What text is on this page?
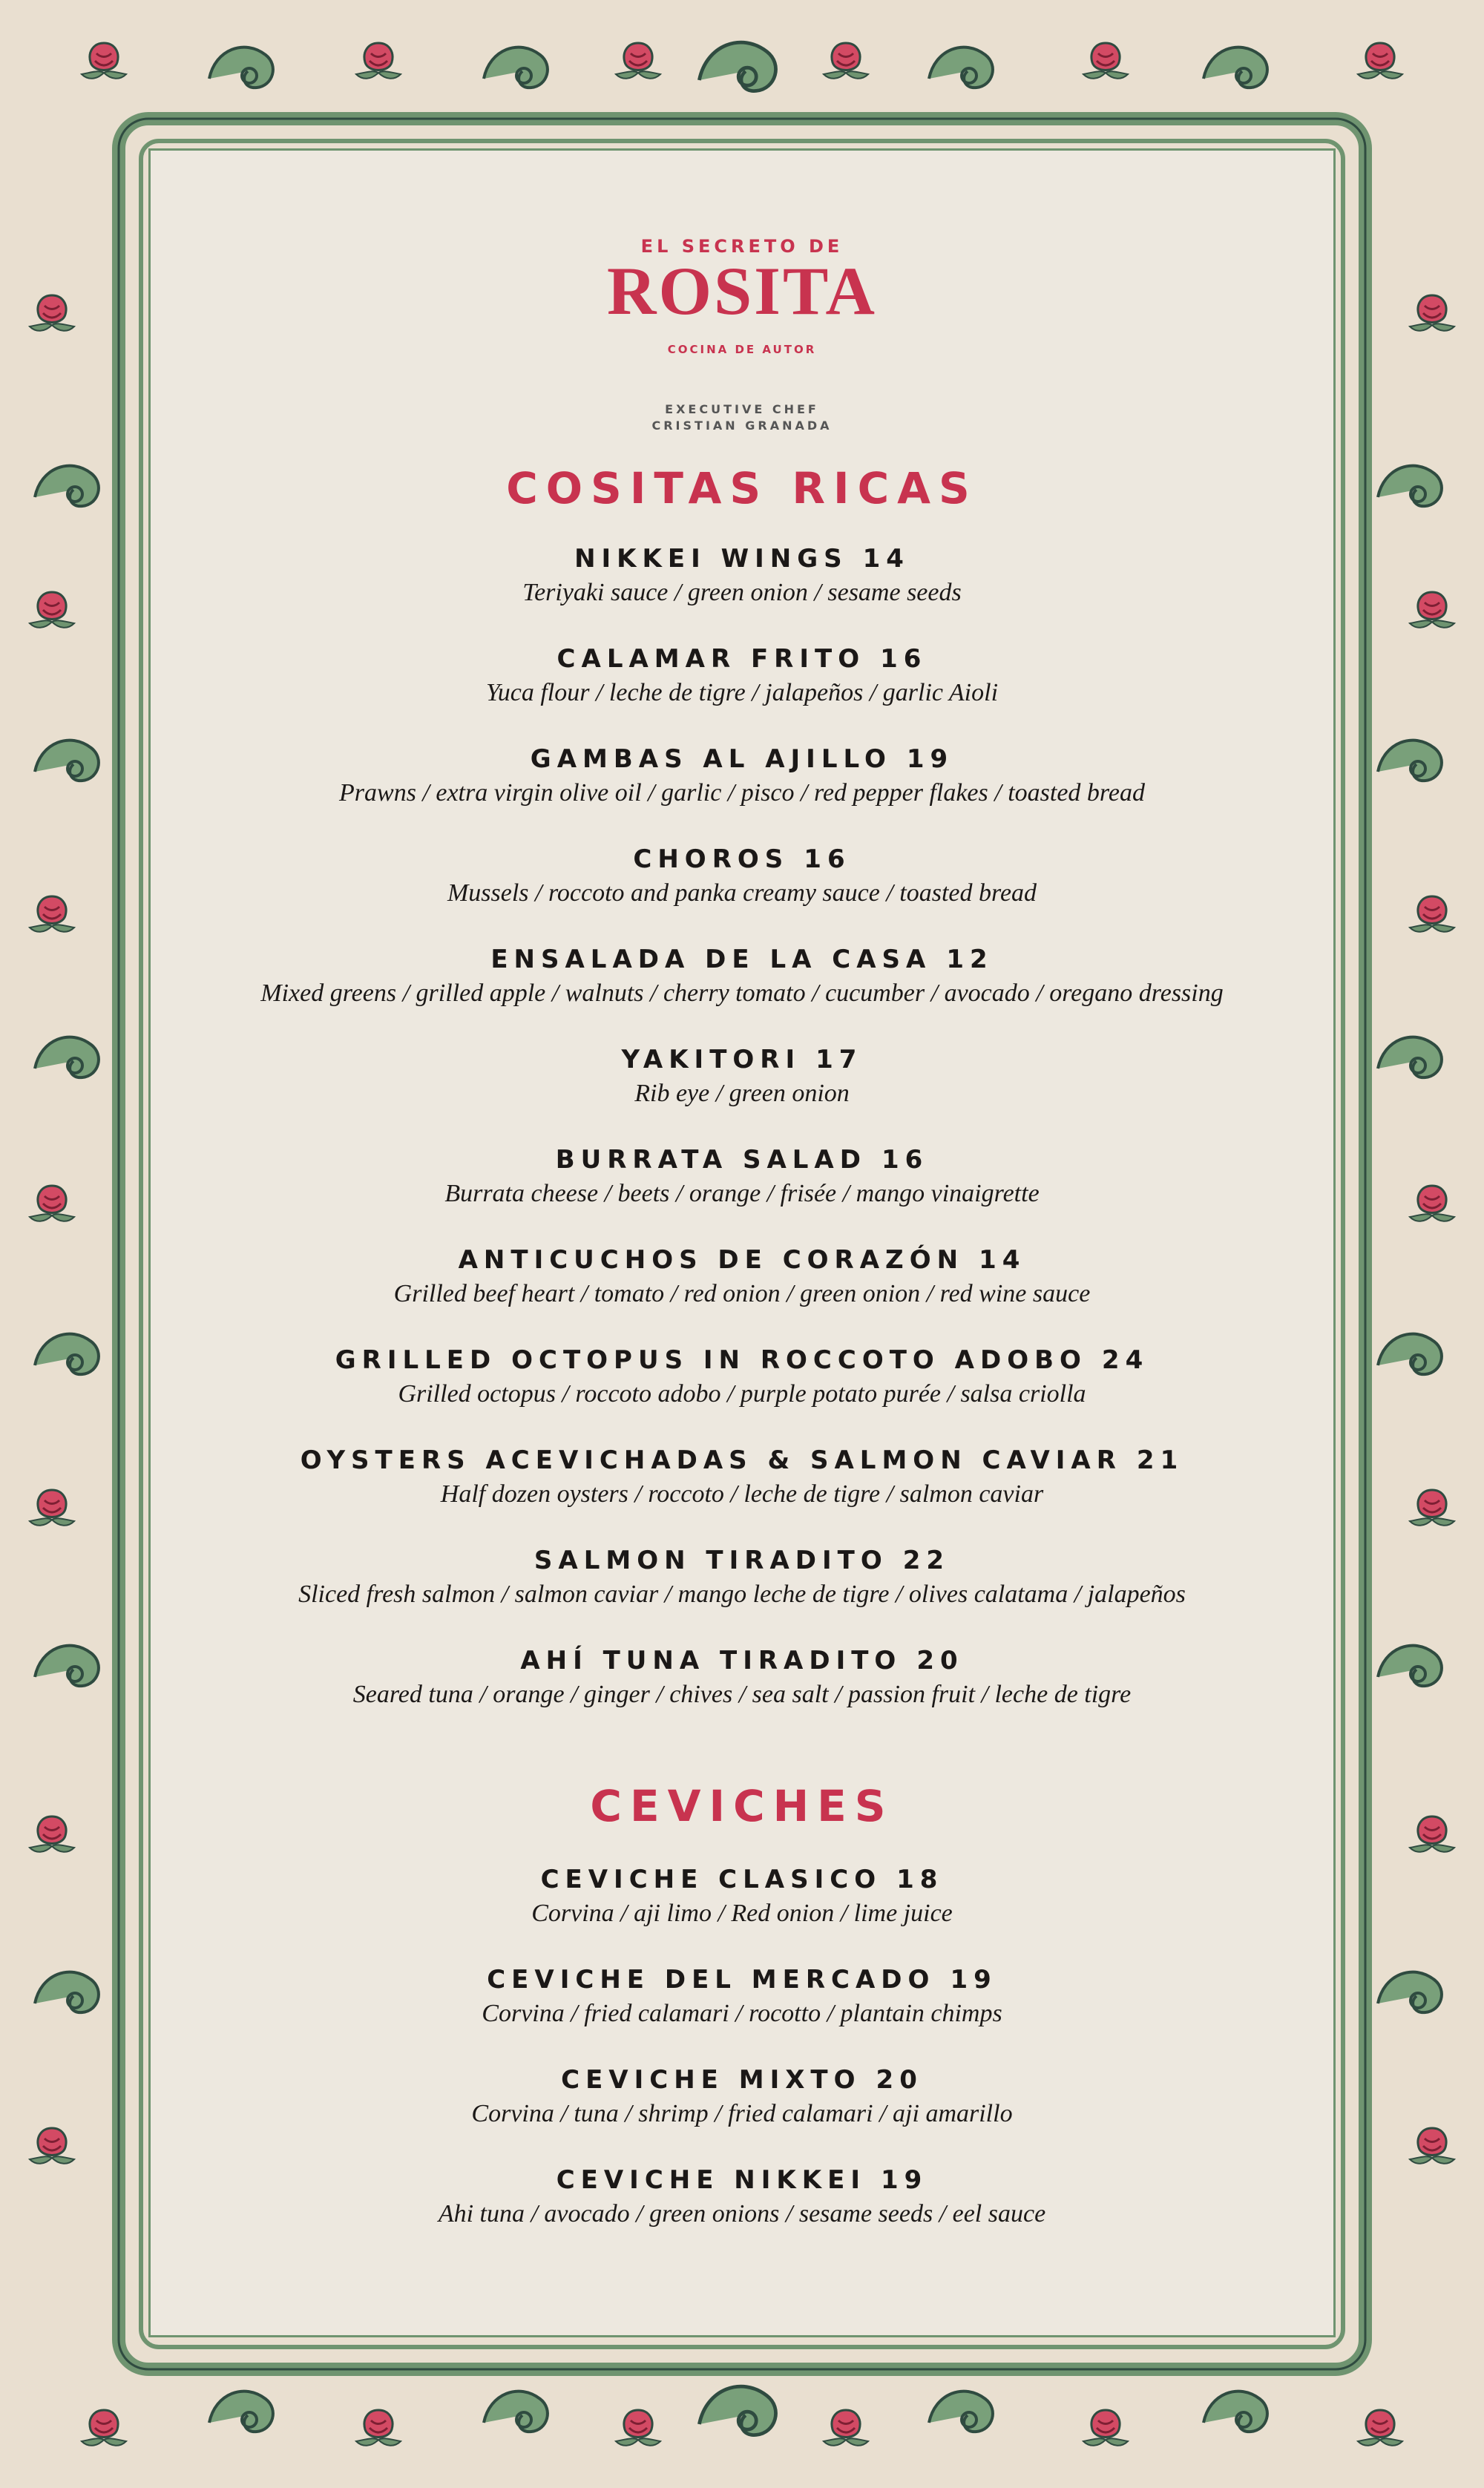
EL SECRETO DE
ROSITA
COCINA DE AUTOR
EXECUTIVE CHEF
CRISTIAN GRANADA
COSITAS RICAS
NIKKEI WINGS 14
Teriyaki sauce / green onion / sesame seeds
CALAMAR FRITO 16
Yuca flour / leche de tigre / jalapeños / garlic Aioli
GAMBAS AL AJILLO 19
Prawns / extra virgin olive oil / garlic / pisco / red pepper flakes / toasted bread
CHOROS 16
Mussels / roccoto and panka creamy sauce / toasted bread
ENSALADA DE LA CASA 12
Mixed greens / grilled apple / walnuts / cherry tomato / cucumber / avocado / oregano dressing
YAKITORI 17
Rib eye / green onion
BURRATA SALAD 16
Burrata cheese / beets / orange / frisée / mango vinaigrette
ANTICUCHOS DE CORAZÓN 14
Grilled beef heart / tomato / red onion / green onion / red wine sauce
GRILLED OCTOPUS IN ROCCOTO ADOBO 24
Grilled octopus / roccoto adobo / purple potato purée / salsa criolla
OYSTERS ACEVICHADAS & SALMON CAVIAR 21
Half dozen oysters / roccoto / leche de tigre / salmon caviar
SALMON TIRADITO 22
Sliced fresh salmon / salmon caviar / mango leche de tigre / olives calatama / jalapeños
AHÍ TUNA TIRADITO 20
Seared tuna / orange / ginger / chives / sea salt / passion fruit / leche de tigre
CEVICHES
CEVICHE CLASICO 18
Corvina / aji limo / Red onion / lime juice
CEVICHE DEL MERCADO 19
Corvina / fried calamari / rocotto / plantain chimps
CEVICHE MIXTO 20
Corvina / tuna / shrimp / fried calamari / aji amarillo
CEVICHE NIKKEI 19
Ahi tuna / avocado / green onions / sesame seeds / eel sauce
